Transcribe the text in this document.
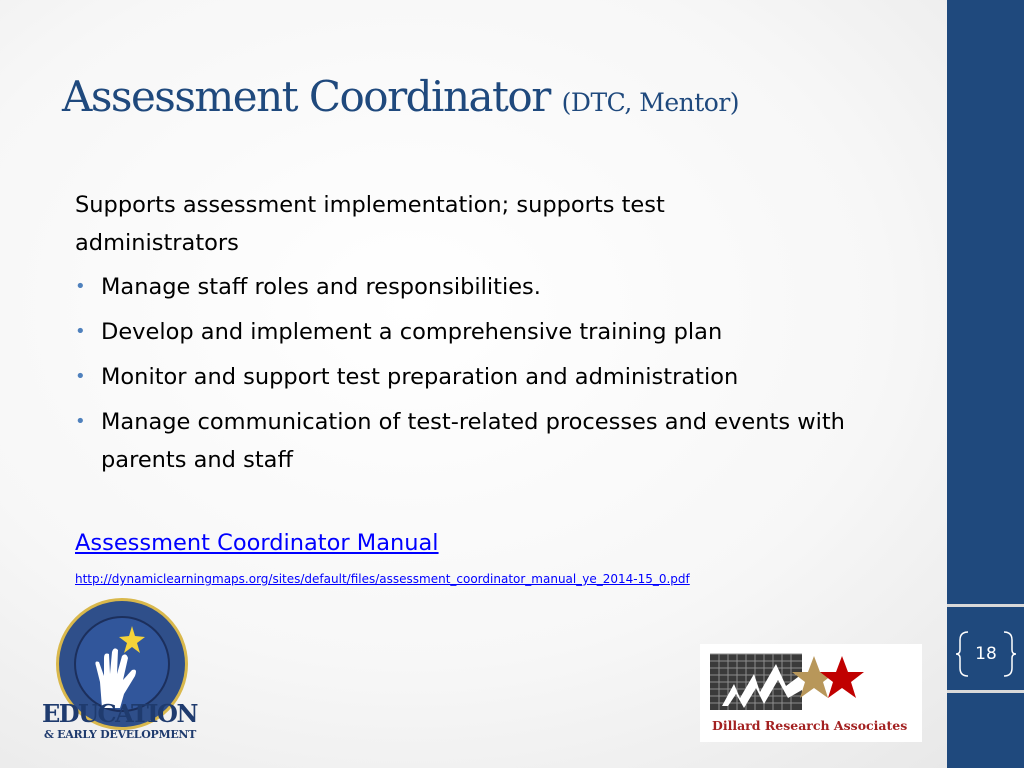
18
Assessment Coordinator (DTC, Mentor)

Supports assessment implementation; supports test administrators

• Manage staff roles and responsibilities.
• Develop and implement a comprehensive training plan
• Monitor and support test preparation and administration
• Manage communication of test-related processes and events with parents and staff
Assessment Coordinator Manual
http://dynamiclearningmaps.org/sites/default/files/assessment_coordinator_manual_ye_2014-15_0.pdf
EDUCATION
& EARLY DEVELOPMENT
Dillard Research Associates
